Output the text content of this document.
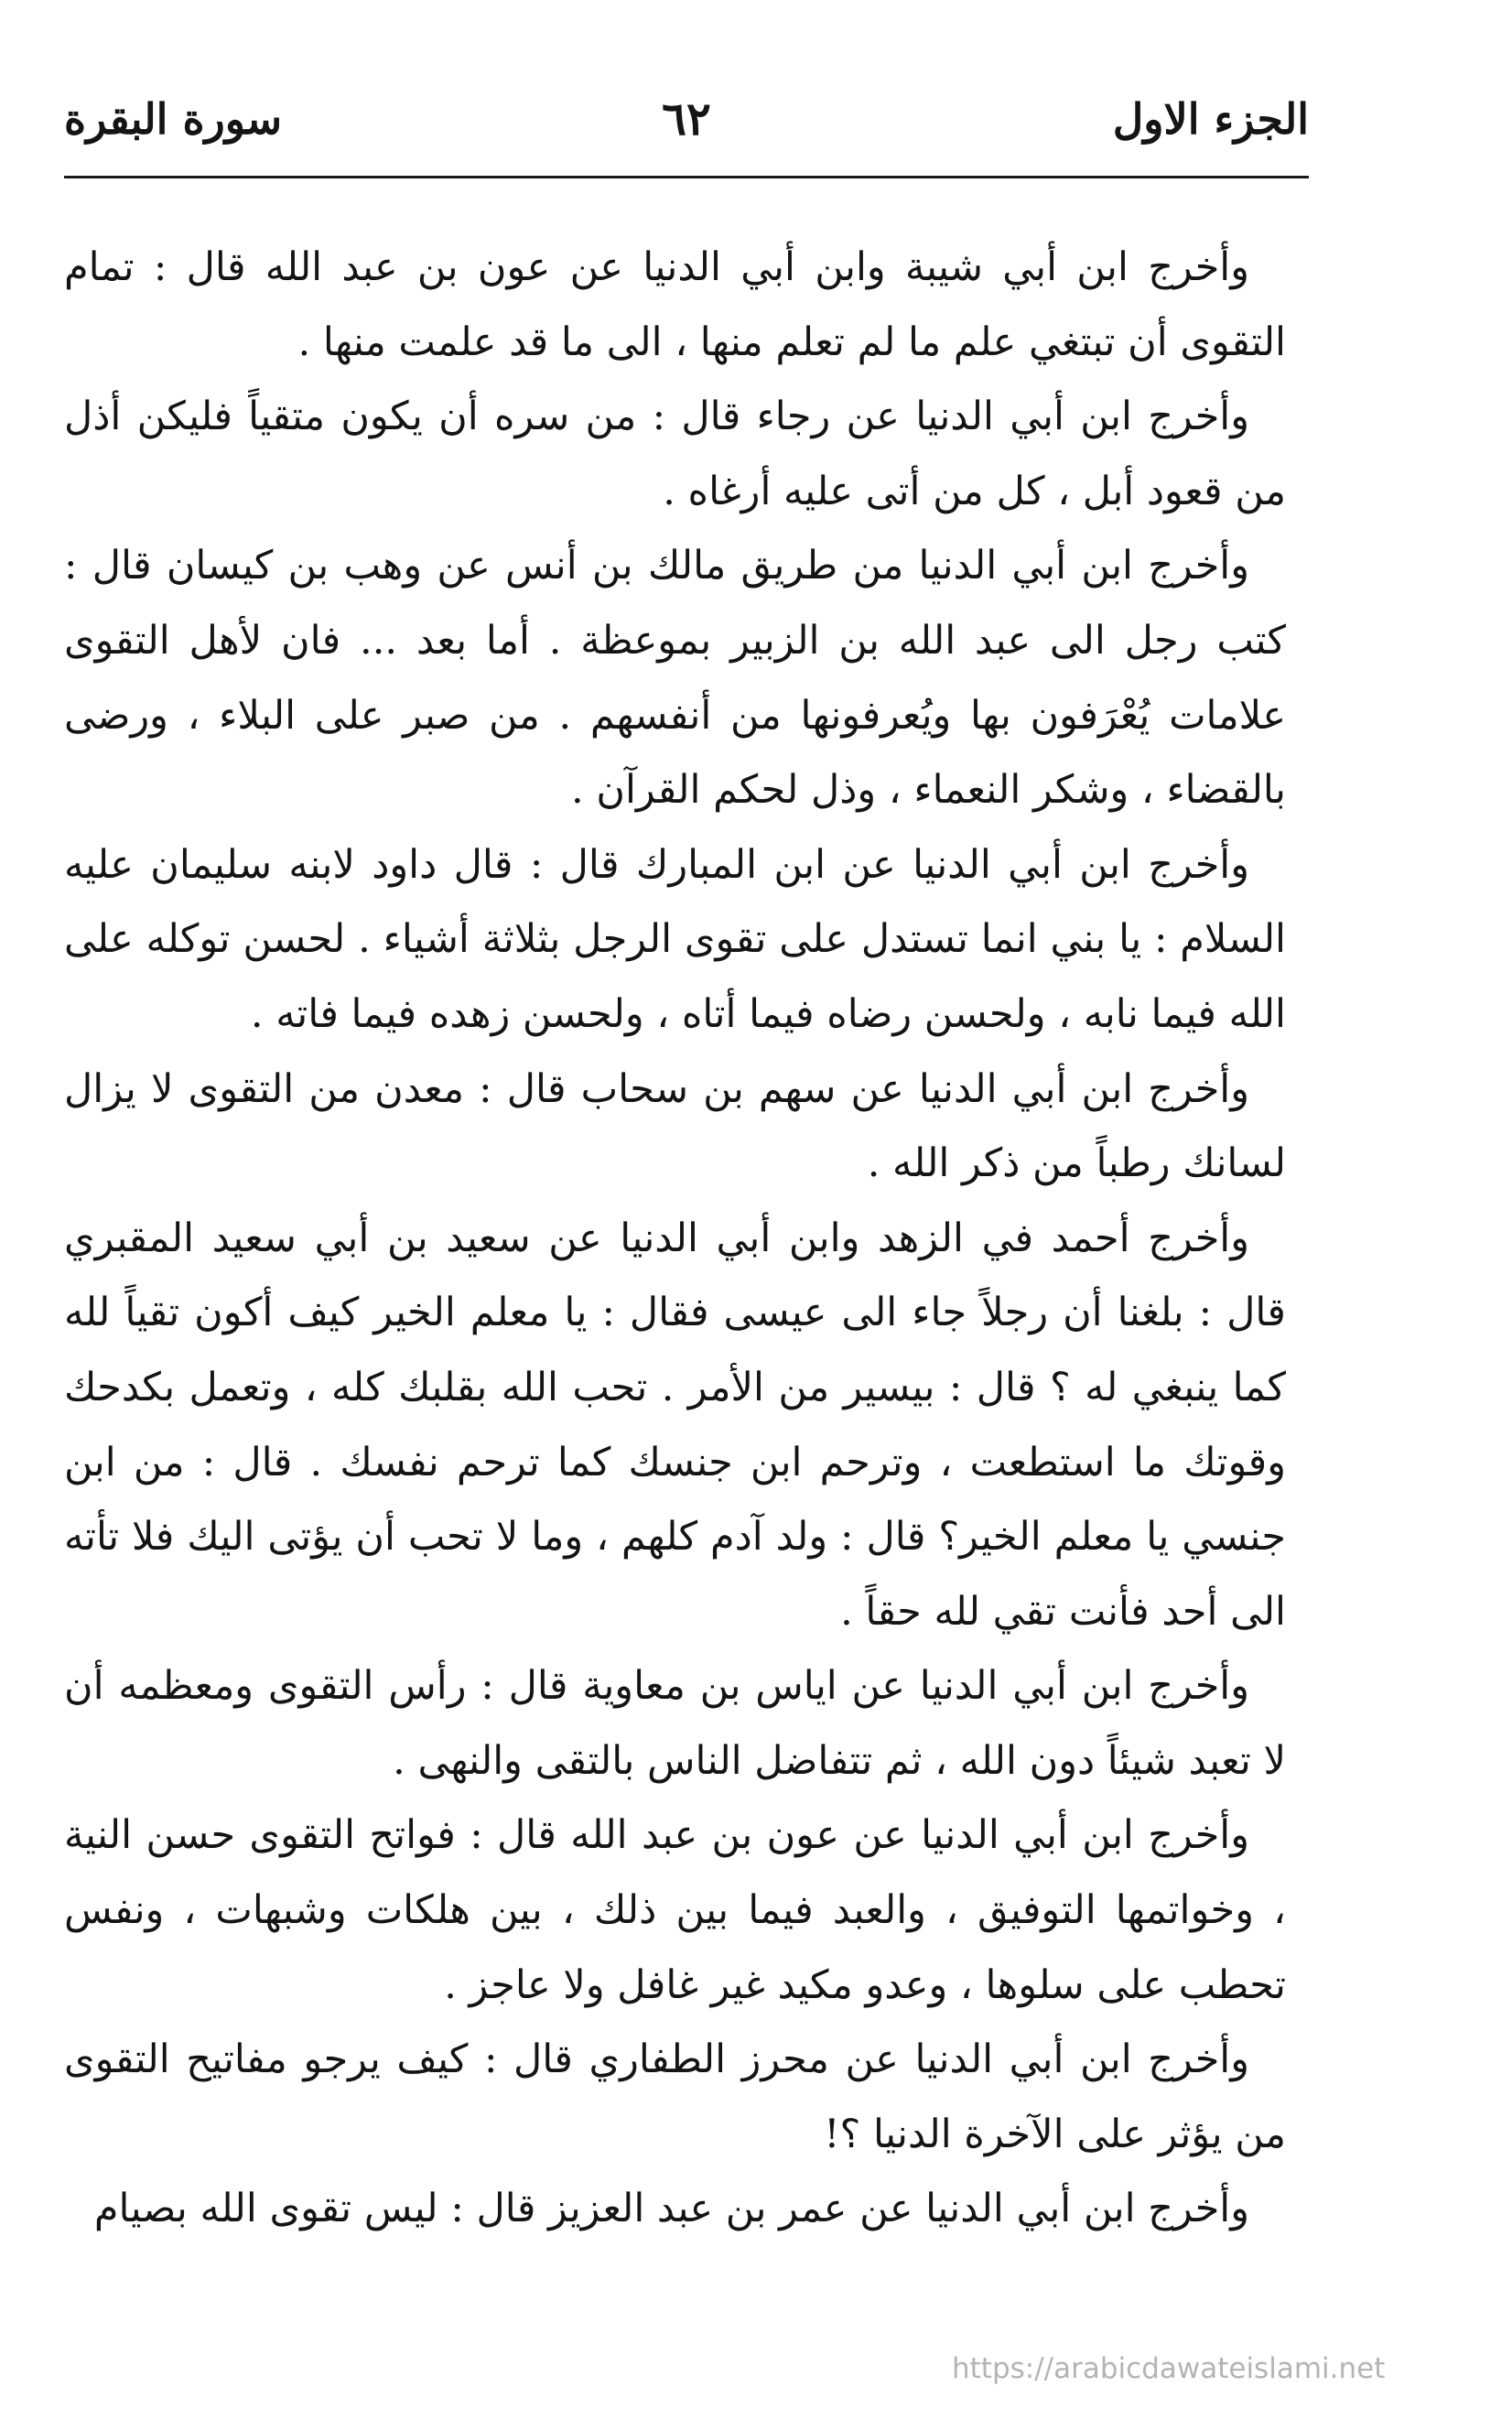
الجزء الاول
٦٢
سورة البقرة

وأخرج ابن أبي شيبة وابن أبي الدنيا عن عون بن عبد الله قال : تمام التقوى أن تبتغي علم ما لم تعلم منها ، الى ما قد علمت منها .

وأخرج ابن أبي الدنيا عن رجاء قال : من سره أن يكون متقياً فليكن أذل من قعود أبل ، كل من أتى عليه أرغاه .

وأخرج ابن أبي الدنيا من طريق مالك بن أنس عن وهب بن كيسان قال : كتب رجل الى عبد الله بن الزبير بموعظة . أما بعد ... فان لأهل التقوى علامات يُعْرَفون بها ويُعرفونها من أنفسهم . من صبر على البلاء ، ورضى بالقضاء ، وشكر النعماء ، وذل لحكم القرآن .

وأخرج ابن أبي الدنيا عن ابن المبارك قال : قال داود لابنه سليمان عليه السلام : يا بني انما تستدل على تقوى الرجل بثلاثة أشياء . لحسن توكله على الله فيما نابه ، ولحسن رضاه فيما أتاه ، ولحسن زهده فيما فاته .

وأخرج ابن أبي الدنيا عن سهم بن سحاب قال : معدن من التقوى لا يزال لسانك رطباً من ذكر الله .

وأخرج أحمد في الزهد وابن أبي الدنيا عن سعيد بن أبي سعيد المقبري قال : بلغنا أن رجلاً جاء الى عيسى فقال : يا معلم الخير كيف أكون تقياً لله كما ينبغي له ؟ قال : بيسير من الأمر . تحب الله بقلبك كله ، وتعمل بكدحك وقوتك ما استطعت ، وترحم ابن جنسك كما ترحم نفسك . قال : من ابن جنسي يا معلم الخير؟ قال : ولد آدم كلهم ، وما لا تحب أن يؤتى اليك فلا تأته الى أحد فأنت تقي لله حقاً .

وأخرج ابن أبي الدنيا عن اياس بن معاوية قال : رأس التقوى ومعظمه أن لا تعبد شيئاً دون الله ، ثم تتفاضل الناس بالتقى والنهى .

وأخرج ابن أبي الدنيا عن عون بن عبد الله قال : فواتح التقوى حسن النية ، وخواتمها التوفيق ، والعبد فيما بين ذلك ، بين هلكات وشبهات ، ونفس تحطب على سلوها ، وعدو مكيد غير غافل ولا عاجز .

وأخرج ابن أبي الدنيا عن محرز الطفاري قال : كيف يرجو مفاتيح التقوى من يؤثر على الآخرة الدنيا ؟!

وأخرج ابن أبي الدنيا عن عمر بن عبد العزيز قال : ليس تقوى الله بصيام

https://arabicdawateislami.net
